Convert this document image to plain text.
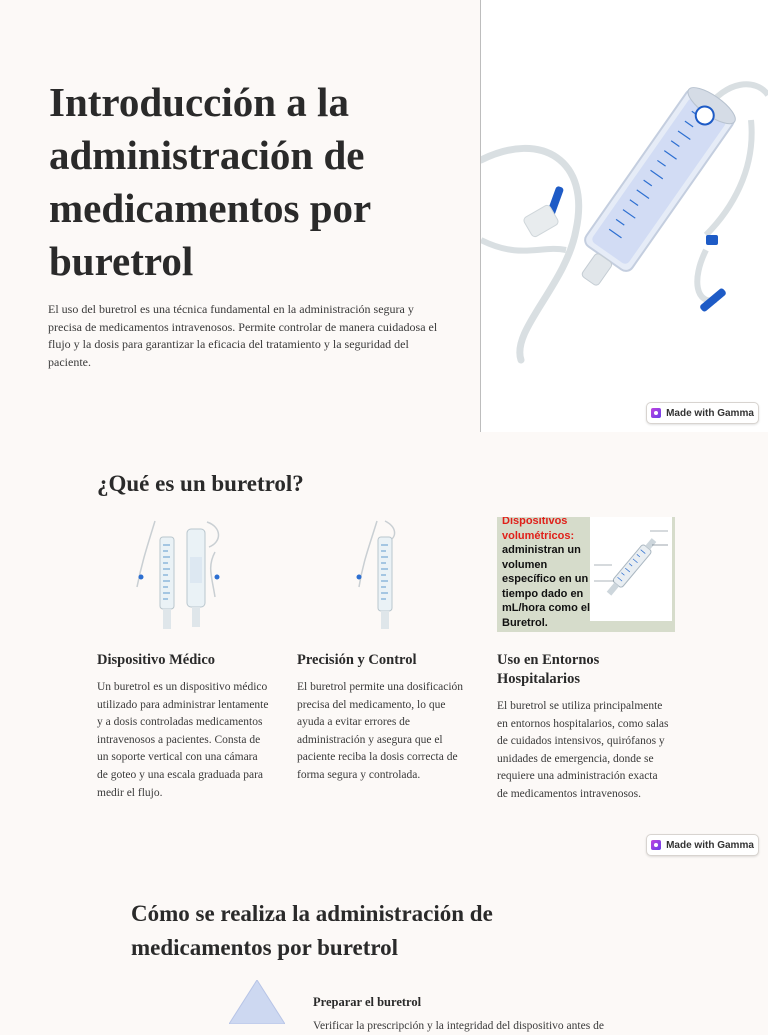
Introducción a la administración de medicamentos por buretrol

El uso del buretrol es una técnica fundamental en la administración segura y precisa de medicamentos intravenosos. Permite controlar de manera cuidadosa el flujo y la dosis para garantizar la eficacia del tratamiento y la seguridad del paciente.

Made with Gamma
¿Qué es un buretrol?
Dispositivo Médico

Un buretrol es un dispositivo médico utilizado para administrar lentamente y a dosis controladas medicamentos intravenosos a pacientes. Consta de un soporte vertical con una cámara de goteo y una escala graduada para medir el flujo.

Precisión y Control

El buretrol permite una dosificación precisa del medicamento, lo que ayuda a evitar errores de administración y asegura que el paciente reciba la dosis correcta de forma segura y controlada.

Dispositivos volumétricos:
administran un volumen específico en un tiempo dado en mL/hora como el Buretrol.
Uso en Entornos Hospitalarios

El buretrol se utiliza principalmente en entornos hospitalarios, como salas de cuidados intensivos, quirófanos y unidades de emergencia, donde se requiere una administración exacta de medicamentos intravenosos.

Made with Gamma
Cómo se realiza la administración de medicamentos por buretrol
Preparar el buretrol

Verificar la prescripción y la integridad del dispositivo antes de
